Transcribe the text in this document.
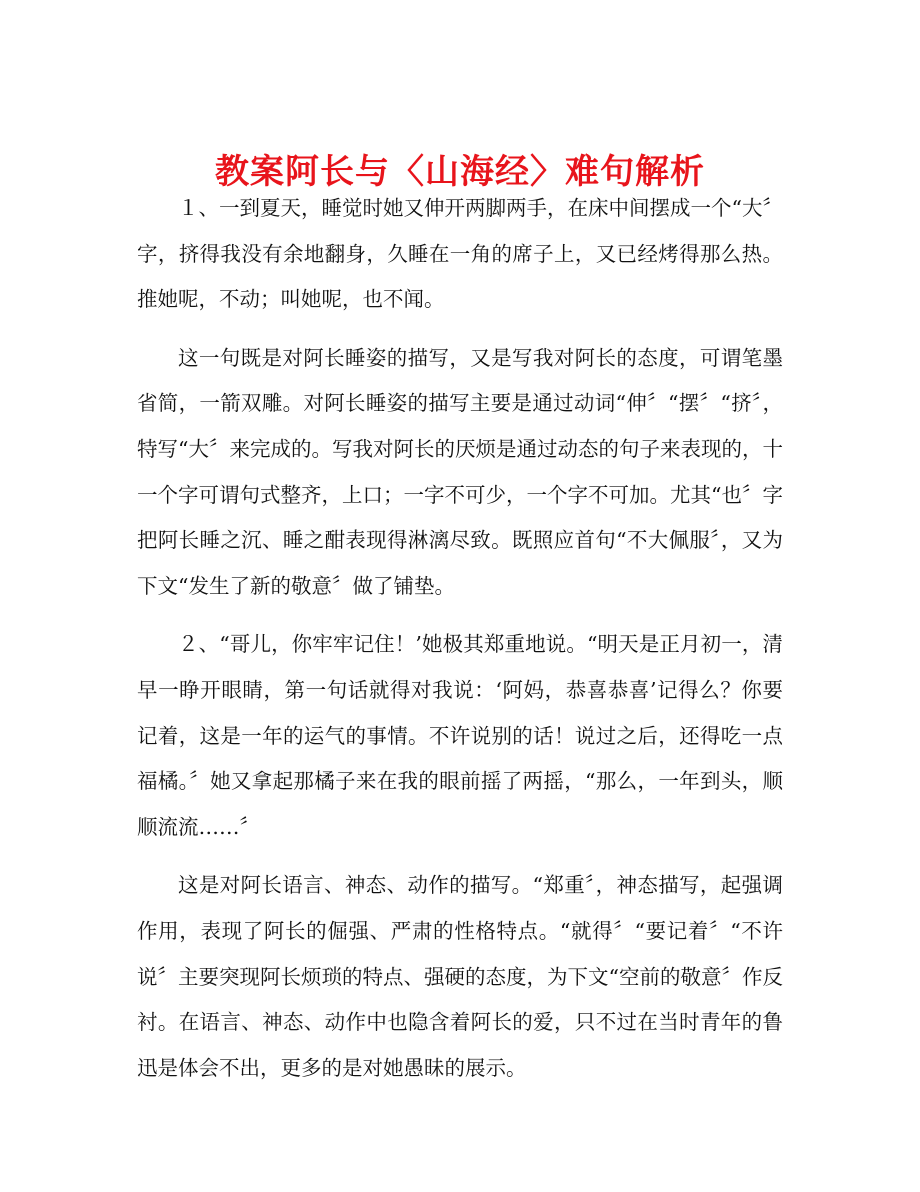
教案阿长与〈山海经〉难句解析

１、一到夏天，睡觉时她又伸开两脚两手，在床中间摆成一个“大〞字，挤得我没有余地翻身，久睡在一角的席子上，又已经烤得那么热。推她呢，不动；叫她呢，也不闻。

这一句既是对阿长睡姿的描写，又是写我对阿长的态度，可谓笔墨省简，一箭双雕。对阿长睡姿的描写主要是通过动词“伸〞“摆〞“挤〞，特写“大〞来完成的。写我对阿长的厌烦是通过动态的句子来表现的，十一个字可谓句式整齐，上口；一字不可少，一个字不可加。尤其“也〞字把阿长睡之沉、睡之酣表现得淋漓尽致。既照应首句“不大佩服〞，又为下文“发生了新的敬意〞做了铺垫。

２、“哥儿，你牢牢记住！’她极其郑重地说。“明天是正月初一，清早一睁开眼睛，第一句话就得对我说：‘阿妈，恭喜恭喜’记得么？你要记着，这是一年的运气的事情。不许说别的话！说过之后，还得吃一点福橘。〞她又拿起那橘子来在我的眼前摇了两摇，“那么，一年到头，顺顺流流……〞

这是对阿长语言、神态、动作的描写。“郑重〞，神态描写，起强调作用，表现了阿长的倔强、严肃的性格特点。“就得〞“要记着〞“不许说〞主要突现阿长烦琐的特点、强硬的态度，为下文“空前的敬意〞作反衬。在语言、神态、动作中也隐含着阿长的爱，只不过在当时青年的鲁迅是体会不出，更多的是对她愚昧的展示。
